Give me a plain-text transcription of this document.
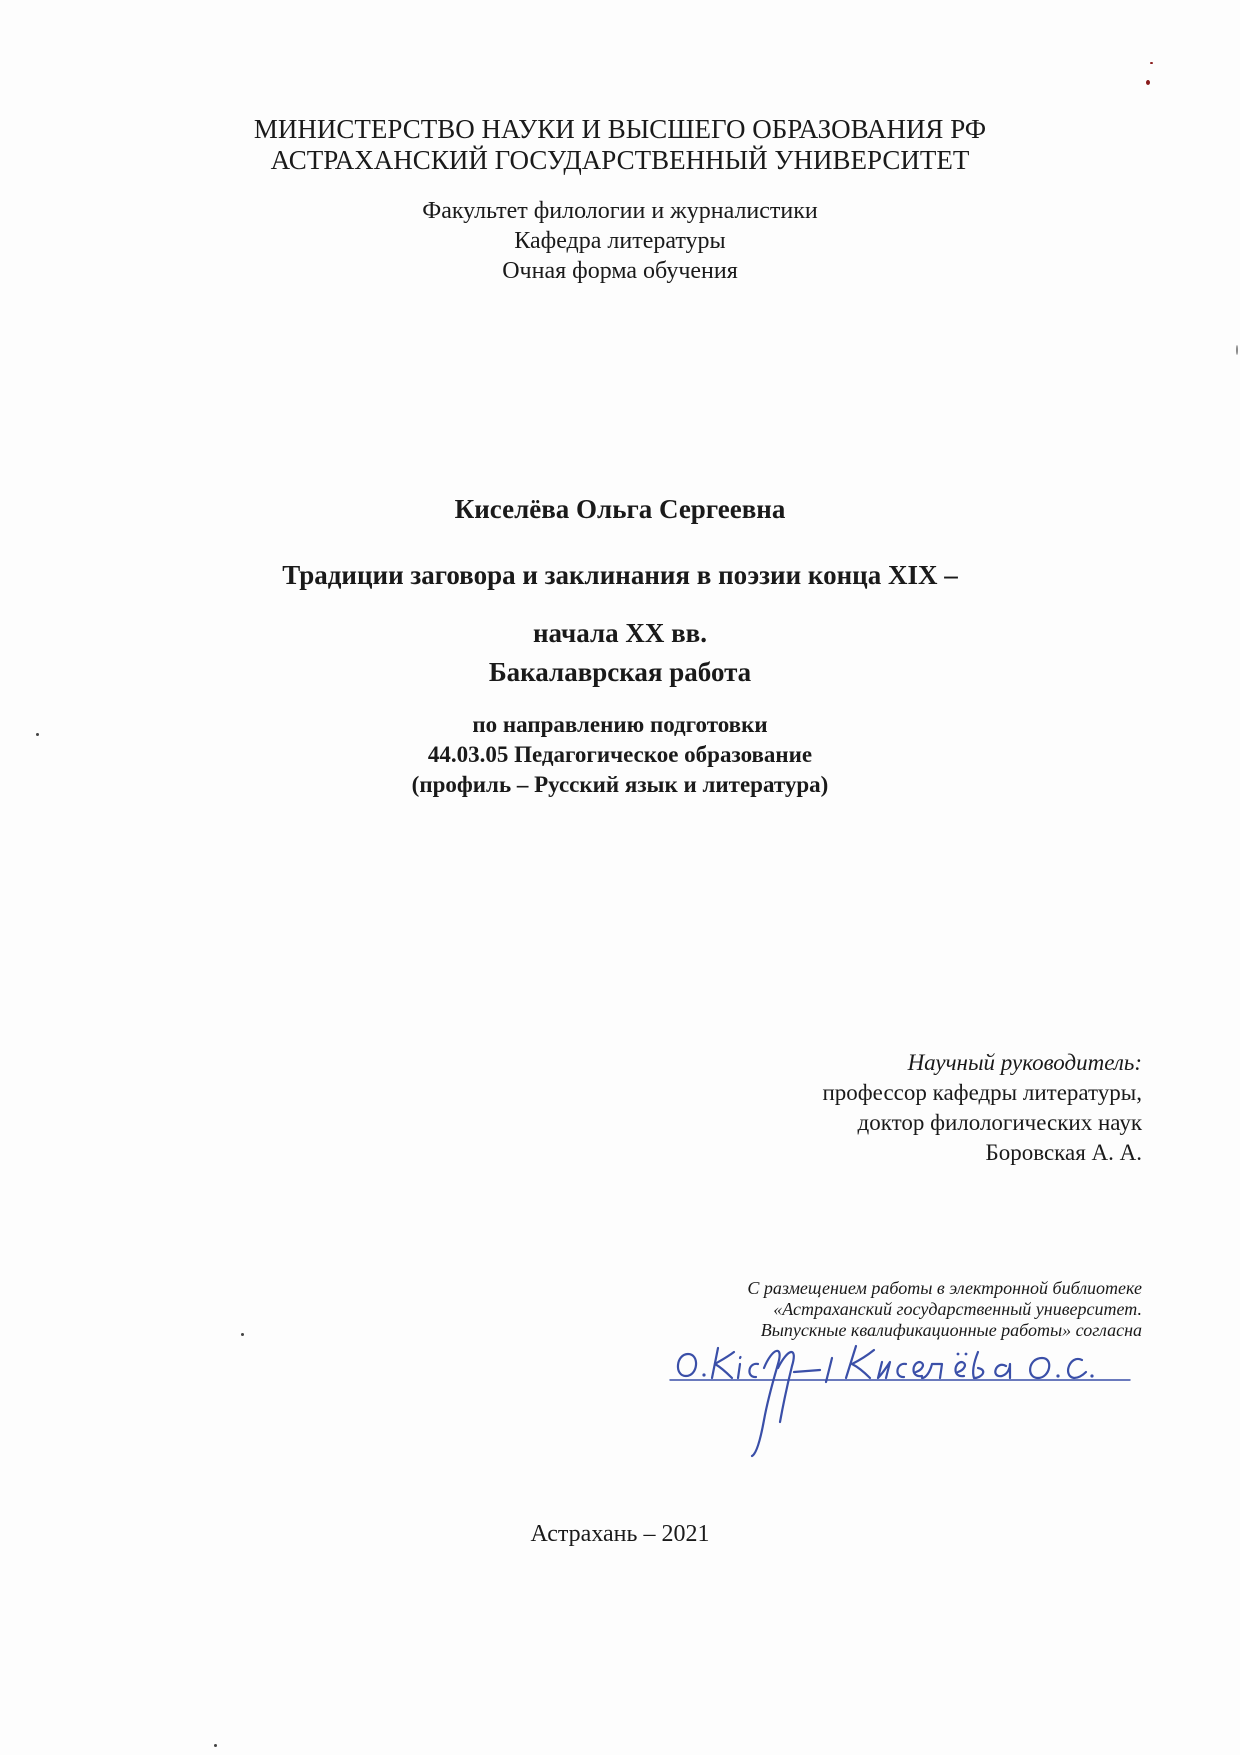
МИНИСТЕРСТВО НАУКИ И ВЫСШЕГО ОБРАЗОВАНИЯ РФ
АСТРАХАНСКИЙ ГОСУДАРСТВЕННЫЙ УНИВЕРСИТЕТ
Факультет филологии и журналистики
Кафедра литературы
Очная форма обучения
Киселёва Ольга Сергеевна
Традиции заговора и заклинания в поэзии конца XIX –
начала XX вв.
Бакалаврская работа
по направлению подготовки
44.03.05 Педагогическое образование
(профиль – Русский язык и литература)
Научный руководитель:
профессор кафедры литературы,
доктор филологических наук
Боровская А. А.
С размещением работы в электронной библиотеке
«Астраханский государственный университет.
Выпускные квалификационные работы» согласна
Астрахань – 2021
